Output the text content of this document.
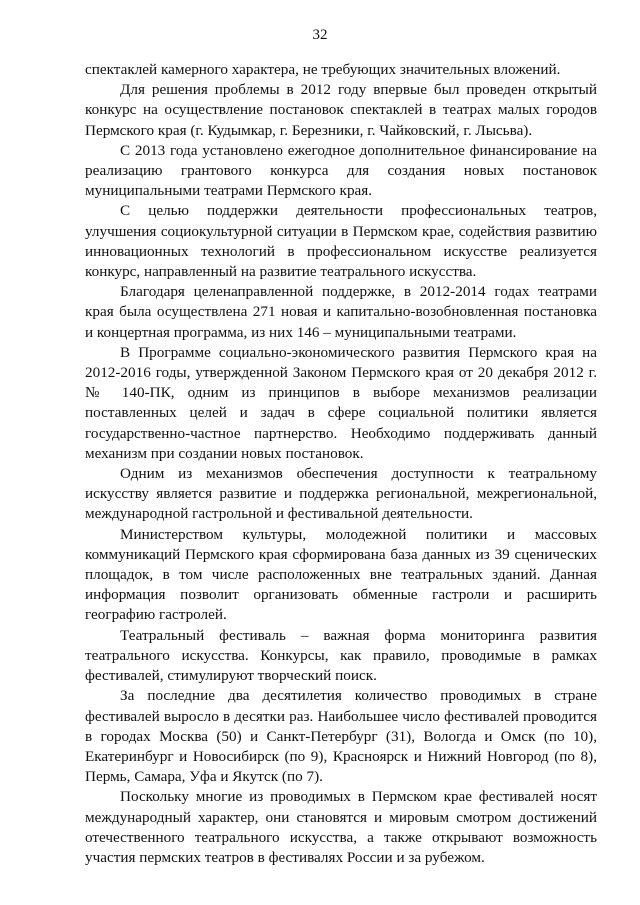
32

спектаклей камерного характера, не требующих значительных вложений.

Для решения проблемы в 2012 году впервые был проведен открытый конкурс на осуществление постановок спектаклей в театрах малых городов Пермского края (г. Кудымкар, г. Березники, г. Чайковский, г. Лысьва).

С 2013 года установлено ежегодное дополнительное финансирование на реализацию грантового конкурса для создания новых постановок муниципальными театрами Пермского края.

С целью поддержки деятельности профессиональных театров, улучшения социокультурной ситуации в Пермском крае, содействия развитию инновационных технологий в профессиональном искусстве реализуется конкурс, направленный на развитие театрального искусства.

Благодаря целенаправленной поддержке, в 2012-2014 годах театрами края была осуществлена 271 новая и капитально-возобновленная постановка и концертная программа, из них 146 – муниципальными театрами.

В Программе социально-экономического развития Пермского края на 2012-2016 годы, утвержденной Законом Пермского края от 20 декабря 2012 г. № 140-ПК, одним из принципов в выборе механизмов реализации поставленных целей и задач в сфере социальной политики является государственно-частное партнерство. Необходимо поддерживать данный механизм при создании новых постановок.

Одним из механизмов обеспечения доступности к театральному искусству является развитие и поддержка региональной, межрегиональной, международной гастрольной и фестивальной деятельности.

Министерством культуры, молодежной политики и массовых коммуникаций Пермского края сформирована база данных из 39 сценических площадок, в том числе расположенных вне театральных зданий. Данная информация позволит организовать обменные гастроли и расширить географию гастролей.

Театральный фестиваль – важная форма мониторинга развития театрального искусства. Конкурсы, как правило, проводимые в рамках фестивалей, стимулируют творческий поиск.

За последние два десятилетия количество проводимых в стране фестивалей выросло в десятки раз. Наибольшее число фестивалей проводится в городах Москва (50) и Санкт-Петербург (31), Вологда и Омск (по 10), Екатеринбург и Новосибирск (по 9), Красноярск и Нижний Новгород (по 8), Пермь, Самара, Уфа и Якутск (по 7).

Поскольку многие из проводимых в Пермском крае фестивалей носят международный характер, они становятся и мировым смотром достижений отечественного театрального искусства, а также открывают возможность участия пермских театров в фестивалях России и за рубежом.
